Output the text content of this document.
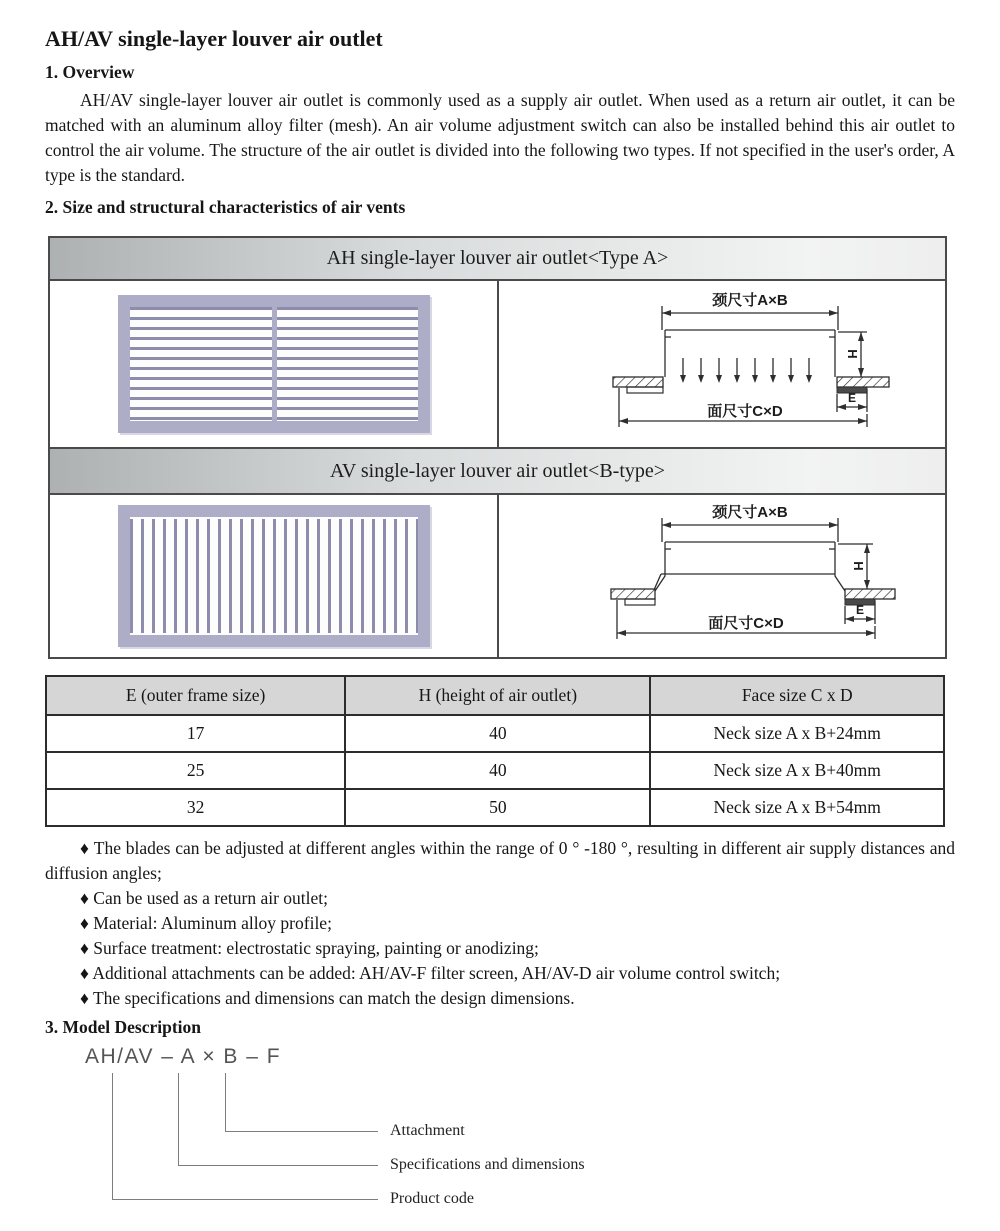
AH/AV single-layer louver air outlet
1. Overview
AH/AV single-layer louver air outlet is commonly used as a supply air outlet. When used as a return air outlet, it can be matched with an aluminum alloy filter (mesh). An air volume adjustment switch can also be installed behind this air outlet to control the air volume. The structure of the air outlet is divided into the following two types. If not specified in the user's order, A type is the standard.
2. Size and structural characteristics of air vents
AH single-layer louver air outlet<Type A>
颈尺寸A×B
H
E
面尺寸C×D
AV single-layer louver air outlet<B-type>
颈尺寸A×B
H
E
面尺寸C×D
E (outer frame size)	H (height of air outlet)	Face size C x D
17	40	Neck size A x B+24mm
25	40	Neck size A x B+40mm
32	50	Neck size A x B+54mm
♦ The blades can be adjusted at different angles within the range of 0 ° -180 °, resulting in different air supply distances and diffusion angles;
♦ Can be used as a return air outlet;
♦ Material: Aluminum alloy profile;
♦ Surface treatment: electrostatic spraying, painting or anodizing;
♦ Additional attachments can be added: AH/AV-F filter screen, AH/AV-D air volume control switch;
♦ The specifications and dimensions can match the design dimensions.
3. Model Description
AH/AV – A × B – F
Attachment
Specifications and dimensions
Product code
